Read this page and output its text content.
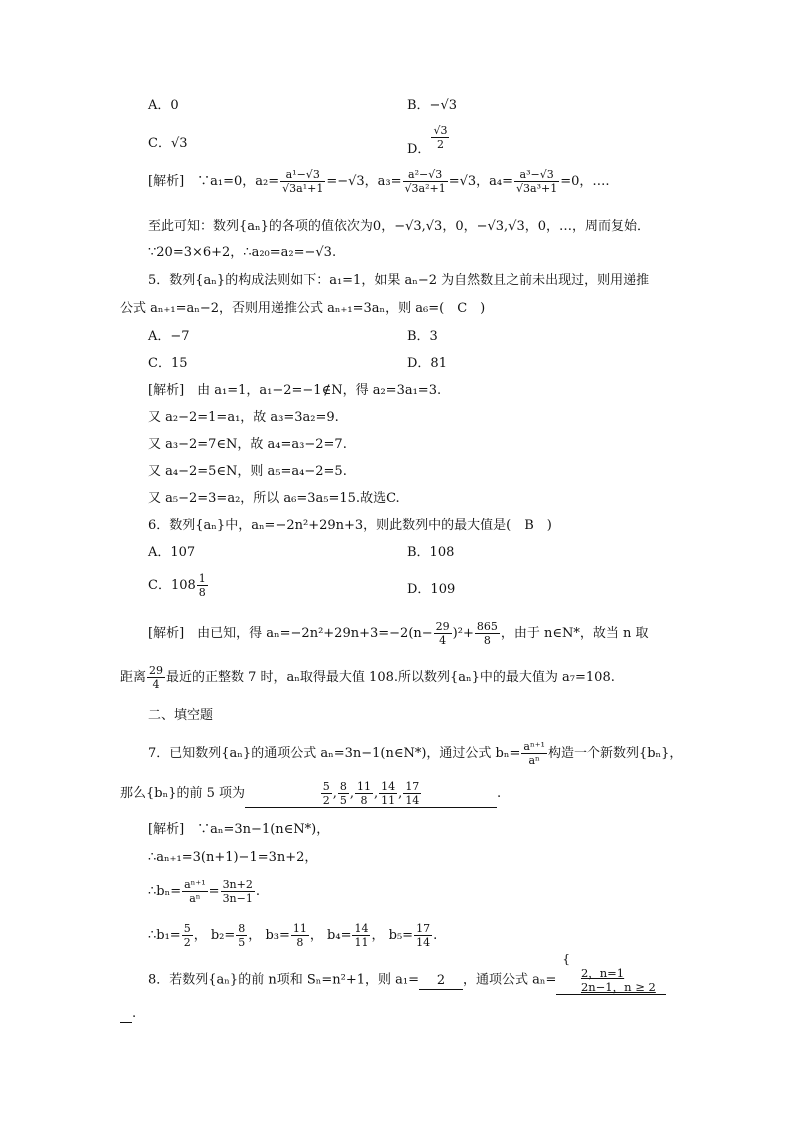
A．0	B．−√3
C．√3	D． $\frac{√3}{2}$
[解析]　∵a₁=0，$a_2= \frac{\text{a¹−√3}}{\text{√3a¹+1}} =-√3$，$a_3= \frac{\text{a²−√3}}{\text{√3a²+1}} =√3$，$a_4= \frac{\text{a³−√3}}{\text{√3a³+1}} =0$，….
至此可知：数列{aₙ}的各项的值依次为0，−√3,√3，0，−√3,√3，0，…，周而复始．
∵20=3×6+2，∴a₂₀=a₂=−√3.
5．数列{aₙ}的构成法则如下：a₁=1，如果 aₙ−2 为自然数且之前未出现过，则用递推
公式 aₙ₊₁=aₙ−2，否则用递推公式 aₙ₊₁=3aₙ，则 a₆=(　C　)
A．−7	B．3
C．15	D．81
[解析]　由 a₁=1，a₁−2=−1∉N，得 a₂=3a₁=3.
又 a₂−2=1=a₁，故 a₃=3a₂=9.
又 a₃−2=7∈N，故 a₄=a₃−2=7.
又 a₄−2=5∈N，则 a₅=a₄−2=5.
又 a₅−2=3=a₂，所以 a₆=3a₅=15.故选C.
6．数列{aₙ}中，aₙ=−2n²+29n+3，则此数列中的最大值是(　B　)
A．107	B．108
C．$108 \frac{1}{8}$	D．109
[解析]　由已知，得 $a_n=-2n^2+29n+3=-2(n- \frac{29}{4} )^2+ \frac{865}{8}$ ，由于 n∈N*，故当 n 取
距离 $\frac{29}{4}$ 最近的正整数 7 时，aₙ取得最大值 108.所以数列{aₙ}中的最大值为 a₇=108.
二、填空题
7．已知数列{aₙ}的通项公式 aₙ=3n−1(n∈N*)，通过公式 $b_n= \frac{\text{aⁿ⁺¹}}{\text{aⁿ}}$ 构造一个新数列{bₙ}，
那么{bₙ}的前 5 项为	$\frac{5}{2}$ , $\frac{8}{5}$ , $\frac{11}{8}$ , $\frac{14}{11}$ , $\frac{17}{14}$	.
[解析]　∵aₙ=3n−1(n∈N*)，
∴aₙ₊₁=3(n+1)−1=3n+2，
∴bₙ= $\frac{\text{aⁿ⁺¹}}{\text{aⁿ}} = \frac{3n+2}{3n-1}$ .
∴b₁= $\frac{5}{2}$ ， $b_2= \frac{8}{5}$ ， $b_3= \frac{11}{8}$ ， $b_4= \frac{14}{11}$ ， $b_5= \frac{17}{14}$ .
8．若数列{aₙ}的前 n项和 Sₙ=n²+1，则 a₁= 2 ，通项公式 aₙ=
{
$\frac{2,n=1}{2n-1,n \ge 2}$
.
